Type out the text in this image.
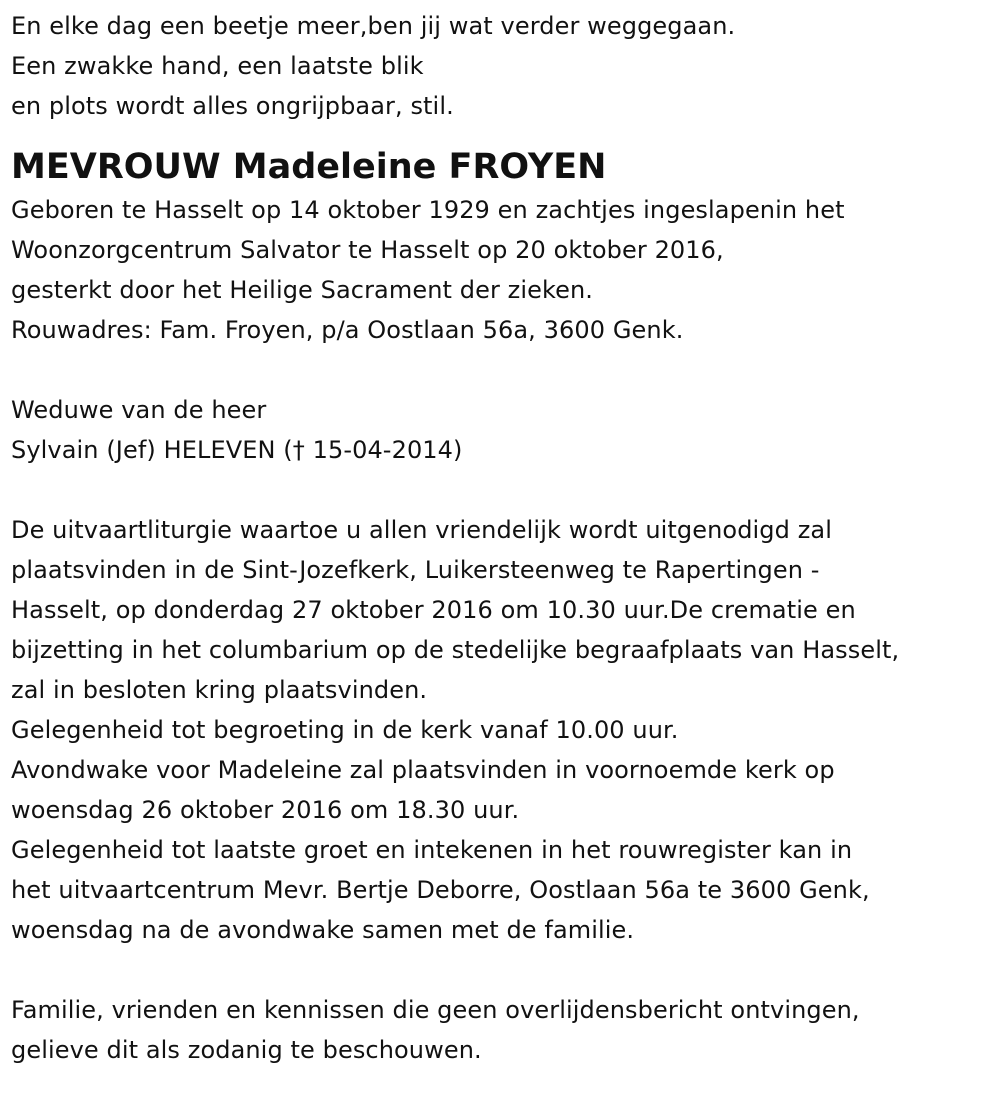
En elke dag een beetje meer,ben jij wat verder weggegaan.
Een zwakke hand, een laatste blik
en plots wordt alles ongrijpbaar, stil.
MEVROUW Madeleine FROYEN
Geboren te Hasselt op 14 oktober 1929 en zachtjes ingeslapenin het
Woonzorgcentrum Salvator te Hasselt op 20 oktober 2016,
gesterkt door het Heilige Sacrament der zieken.
Rouwadres: Fam. Froyen, p/a Oostlaan 56a, 3600 Genk.
Weduwe van de heer
Sylvain (Jef) HELEVEN († 15-04-2014)
De uitvaartliturgie waartoe u allen vriendelijk wordt uitgenodigd zal
plaatsvinden in de Sint-Jozefkerk, Luikersteenweg te Rapertingen -
Hasselt, op donderdag 27 oktober 2016 om 10.30 uur.De crematie en
bijzetting in het columbarium op de stedelijke begraafplaats van Hasselt,
zal in besloten kring plaatsvinden.
Gelegenheid tot begroeting in de kerk vanaf 10.00 uur.
Avondwake voor Madeleine zal plaatsvinden in voornoemde kerk op
woensdag 26 oktober 2016 om 18.30 uur.
Gelegenheid tot laatste groet en intekenen in het rouwregister kan in
het uitvaartcentrum Mevr. Bertje Deborre, Oostlaan 56a te 3600 Genk,
woensdag na de avondwake samen met de familie.
Familie, vrienden en kennissen die geen overlijdensbericht ontvingen,
gelieve dit als zodanig te beschouwen.
